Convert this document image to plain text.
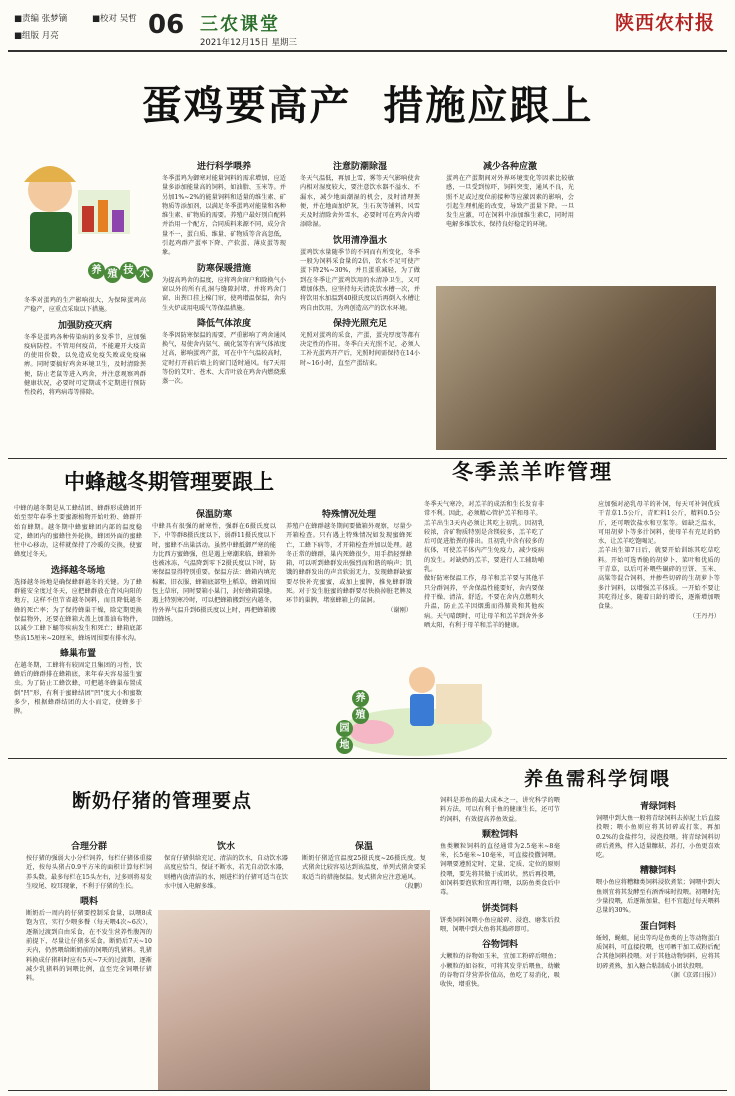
■责编 张梦镝
■组版 月亮
■校对 吴哲 06 三农课堂
2021年12月15日 星期三
陕西农村报
蛋鸡要高产  措施应跟上
养 殖 技 术

冬季对蛋鸡的生产影响很大，为保障蛋鸡高产稳产，应重点采取以下措施。

加强防疫灭病

冬季是蛋鸡各种传染病的多发季节，应加强疫病防控。不管用何疫苗，不能避开大疫苗的使用价数，以免造成免疫失败或免疫麻痹。同时要搞好鸡舍环境卫生，及时清除粪便，防止老鼠等进入鸡舍，并注意观察鸡群健康状况，必要时可定期或不定期进行预防性投药，将鸡病毒等排除。

进行科学喂养

冬季蛋鸡为御寒对能量饲料的需求增加，应适量多添加能量高的饲料，如油脂、玉米等。并另加1%~2%的能量饲料和适量的维生素、矿物质等添加剂，以满足冬季蛋鸡对能量和各种维生素、矿物质的需要。养殖户最好别自配料并治用一个配方，合同质料来源不同，成分含量不一，蛋白质、维量、矿物质等含高忽低，引起鸡群产蛋率下降、产软蛋、薄皮蛋等现象。

防寒保暖措施

为提高鸡舍的温度，应将鸡舍窗户和除换气小窗以外的所有孔洞与缝隙封堵，并将鸡舍门窗、出粪口挂上棉门帘，使鸡增温保温，舍内生火炉或用电暖气等保温措施。

降低气体浓度

冬季因防寒保温的需要，严重影响了鸡舍通风换气，易使舍内氨气、硫化氢等有害气体浓度过高，影响蛋鸡产蛋，可在中午气温较高时，定时打开前后墙上的窗门适时通风。每7天用等份的艾叶、苍术、大青叶放在鸡舍内燃烧熏蒸一次。

注意防潮除湿

冬天气温低，再加上雪，雾等天气影响使舍内相对湿度较大，要注意饮水器不溢水、不漏水，减少地面潮湿的机会，及时清理粪便，并在地面加炉灰，生石灰等铺料，风雪天及时清除舍外雪水，必要时可在鸡舍内增添除湿。

饮用清净温水

蛋鸡饮水量随季节的不同而有所变化，冬季一般为饲料采食量的2倍，饮水不足可使产蛋下降2%~30%，并且蛋重减轻，为了做到在冬季让产蛋鸡饮用的水清净卫生，又可增加体热，应坚持每天清洗饮水槽一次，并将饮用水加温到40摄氏度以后再倒入水槽让鸡自由饮用，为鸡创造高产的饮水环境。

保持光照充足

光照对蛋鸡的采食，产蛋，蛋壳厚度等都有决定性的作用。冬季白天光照不足，必须人工补光蛋鸡开产后，光照时间需保持在14小时~16小时，直至产蛋结束。

减少各种应激

蛋鸡在产蛋期间对外界环境变化等因素比较敏感，一旦受到惊吓，饲料突变，通风不良，光照不足或过度位前接种等应激因素的影响，会引起生理机能的改变，导致产蛋量下降。一旦发生应激，可在饲料中添加维生素C，同时用电解多维饮水，保持良好稳定的环境。

中蜂越冬期管理要跟上

中蜂的越冬期是从工蜂结团、蜂群形成蜂团开始至翌年春季主要蜜源植物开始吐粉、蜂群开始育蜂期。越冬期中蜂蜜蜂团内部的温度稳定，蜂团内的蜜蜂往外轮换，蜂团外面的蜜蜂往中心移动，这样就保持了冷暖的交换，使蜜蜂度过冬天。

选择越冬场地

选择越冬场地是确保蜂群越冬的关键。为了蜂群能安全度过冬天，应把蜂群放在背风向阳的地方，这样不但节省越冬饲料，而且降低越冬蜂的死亡率；为了保持蜂巢干燥，除定期更换保温物外，还要在蜂箱大盖上加盖油布物件，以减少工蜂下蛹等疾病发生和死亡；蜂箱底部垫高15厘米~20厘米，蜂场周围要有排水沟。

蜂巢布置

在越冬期，工蜂将有较固定且集团的习性，饮蜂后的蜂群排在蜂箱底，来年春天容易滋生蜜虫。为了防止工蜂饮蜂，可把越冬蜂巢布置成倒"凹"形，有利于蜜蜂结团"凹"度大小和蜜数多少，根据蜂群结团的大小而定，使蜂多于脾。

保温防寒

中蜂具有很强的耐寒性，强群在6摄氏度以下，中等群8摄氏度以下，弱群11摄氏度以下时，蜜蜂不出巢活动。虽然中蜂抵御严寒的能力比西方蜜蜂强，但是遇上寒潮来临，蜂箱外也被冰冻，气温降到零下2摄氏度以下时，防寒保温显得特别重要。保温方法：蜂箱内填充棉絮、旧衣服，蜂箱底部垫上稻草，蜂箱周围包上草帘，同时要箱小巢门，封好蜂箱裂缝。遇上特别寒冷时，可以把蜂箱搬到室内越冬，待外界气温升到6摄氏度以上时，再把蜂箱搬回蜂场。

特殊情况处理

养殖户在蜂群越冬期间要做箱外观察，尽量少开箱检查。只有遇上特殊情况如发现蜜蜂死亡，工蜂下病等，才开箱检查并加以处理。越冬正常的蜂群，巢内死蜂很少，用手指轻弹蜂箱，可以听到蜂群发出强烈而和谐的响声；饥饿的蜂群发出的声音软弱无力，发现蜂群缺蜜要尽快补充蜜蜜，或加上蜜脾，推免蜂群饿死。对于发生脏蜜的蜂群要尽快换掉脏老脾及环节的巢脾，堵塞蜂箱上的鼠洞。

（谢刚）

冬季羔羊咋管理

冬季天气寒冷，对羔羊的成活和生长发育非常不利。因此，必须精心管护羔羊和母羊。

羔羊出生3天内必须让其吃上初乳。因初乳较浓，含矿物质特别是含镁较多，羔羊吃了后可促进胎粪的排出。且初乳中含有较多的抗体，可使羔羊体内产生免疫力，减少疫病的发生。对缺奶的羔羊，要进行人工辅助哺乳。

做好防寒保温工作，母羊和羔羊要与其他羊只分群饲养，平舍保温性能要好，舍内要保持干燥、清洁，舒适。不要在舍内点燃明火升温，防止羔羊因烟熏而得肺炎和其他疾病。天气晴朗时，可让母羊和羔羊到舍外多晒太阳，有利于母羊和羔羊的健康。

应加强对泌乳母羊的补饲，每天可补饲优质干青草1.5公斤，青贮料1公斤，精料0.5公斤，还可喂饮盐水和豆浆等。如缺乏温水，可用胡萝卜等多汁饲料，使母羊有充足的奶水，让羔羊吃饱喝足。

羔羊出生第7日后，就要开始训练其吃草吃料。开始可选香脆的胡萝卜、菜叶和优质的干青草，以后可补喂些碾碎的豆饼、玉米、高粱等混合饲料，并掺些切碎的生胡萝卜等多汁饲料，以增强羔羊体质。一开始不要让其吃得过多，随着日龄的增长，逐渐增加喂食量。

（王丹丹）

养
殖
园
地
养鱼需科学饲喂

饲料是养鱼的最大成本之一，讲究科学的喂料方法，可以有利于鱼的健康生长，还可节约饲料，有效提高养鱼效益。

颗粒饲料

鱼类颗粒饲料的直径通常为2.5毫米~8毫米，长5毫米~10毫米，可直接投撒饲喂。饲喂要遵照定时、定量、定质、定位的原则投喂，要先将其做于成团状，然后再投喂，如饲料要泡软和宜再行喂，以防鱼类食后中毒。

饼类饲料

饼类饲料饲喂小鱼应敲碎、浸泡、磨浆后投喂，饲喂中到大鱼将其捣碎即可。

谷物饲料

大颗粒的谷物如玉米，宜加工粉碎后喂鱼；小颗粒的如谷粒，可将其发芽后喂鱼，幼嫩的谷物百芽营养价值高，鱼吃了易消化，吸收快，增重快。

青绿饲料

饲喂中到大鱼一般将青绿饲料去掉泥土后直接投喂；喂小鱼则应将其切碎或打浆，再加0.2%的食盐拌匀，浸泡投喂。将青绿饲料切碎后煮熟，拌入适量糠麸、苏打，小鱼更喜欢吃。

糟糠饲料

喂小鱼应将糟糠类饲料浸软煮浆；饲喂中到大鱼则宜将其发酵至有酒香味时投喂。初喂时先少量投喂，后逐渐加量，但不宜超过每天喂料总量的30%。

蛋白饲料

蚯蚓，蝇蛆，昆虫等均是鱼类的上等动物蛋白质饲料，可直接投喂，也可晒干加工成粉后配合其他饲料投喂。对于其他动物饲料，应将其切碎煮熟，加入糖合粘制成小团状投喂。

（据《京郊日报》）

断奶仔猪的管理要点
合理分群

按仔猪的强弱大小分栏饲养，每栏仔猪体重接近，按每头猪占0.9平方米的面积计算每栏饲养头数。最多每栏在15头左右，过多则将易发生咬尾、咬耳现象，不利于仔猪的生长。

喂料

断奶后一周内的仔猪要控制采食量，以喂8成饱为宜，实行少喂多餐（每天喂4次~6次），逐渐过渡到自由采食，在不发生营养性腹泻的前提下，尽量让仔猪多采食。断奶后7天~10天内，仍然喂给断奶前的饲喂的乳猪料。乳猪料换成仔猪料时应有5天~7天的过渡期，逐渐减少乳猪料的饲喂比例，直至完全饲喂仔猪料。

饮水

保育仔猪供给充足、清洁的饮水，自动饮水器高度应恰当，保证不断水，若无自动饮水器，则槽内放清洁的水，刚进栏的仔猪可适当在饮水中加入电解多维。

保温

断奶仔猪适宜温度25摄氏度~26摄氏度。复式猪舍比较容易达到该温度，单列式猪舍要采取适当的措施保温。复式猪舍应注意通风。

（段鹏）
